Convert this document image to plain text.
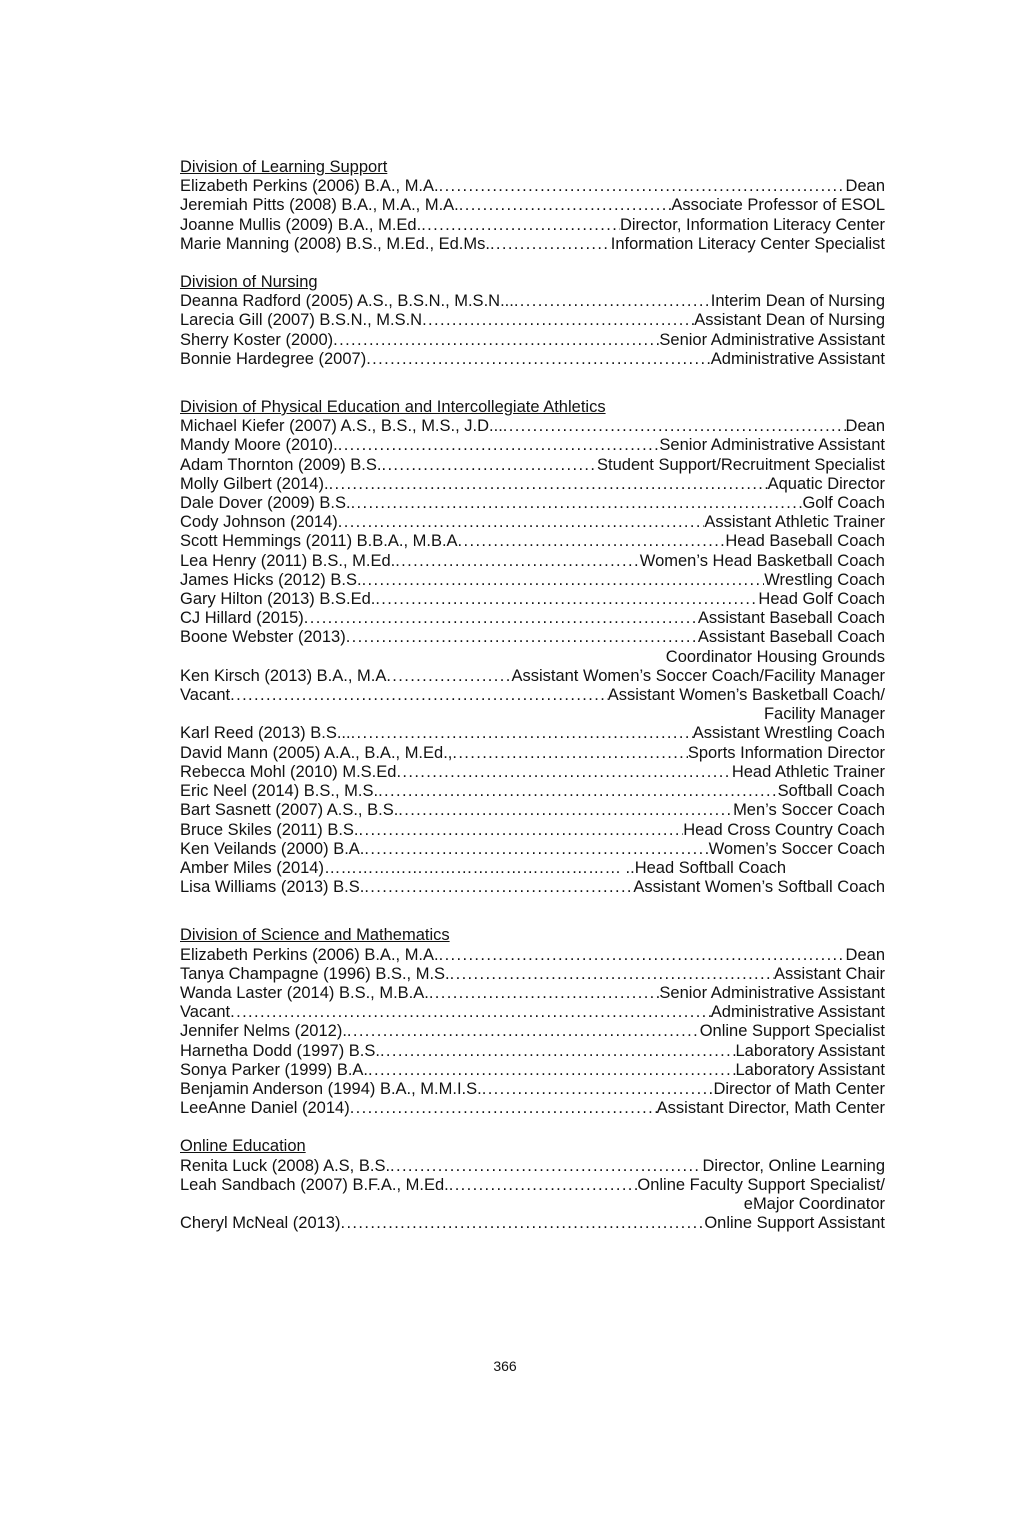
Division of Learning Support
Elizabeth Perkins (2006) B.A., M.A. . . .	Dean
Jeremiah Pitts (2008) B.A., M.A., M.A. . . .	Associate Professor of ESOL
Joanne Mullis (2009) B.A., M.Ed. . . .	Director, Information Literacy Center
Marie Manning (2008) B.S., M.Ed., Ed.Ms. . . .	Information Literacy Center Specialist
Division of Nursing
Deanna Radford (2005) A.S., B.S.N., M.S.N... . . .	Interim Dean of Nursing
Larecia Gill (2007) B.S.N., M.S.N . . .	Assistant Dean of Nursing
Sherry Koster (2000) . . .	Senior Administrative Assistant
Bonnie Hardegree (2007) . . .	Administrative Assistant
Division of Physical Education and Intercollegiate Athletics
Michael Kiefer (2007) A.S., B.S., M.S., J.D... . . .	Dean
Mandy Moore (2010). . . .	Senior Administrative Assistant
Adam Thornton (2009) B.S. . . .	Student Support/Recruitment Specialist
Molly Gilbert (2014). . . .	Aquatic Director
Dale Dover (2009) B.S. . . .	Golf Coach
Cody Johnson (2014) . . .	Assistant Athletic Trainer
Scott Hemmings (2011) B.B.A., M.B.A . . .	Head Baseball Coach
Lea Henry (2011) B.S., M.Ed. . . .	Women’s Head Basketball Coach
James Hicks (2012) B.S. . . .	Wrestling Coach
Gary Hilton (2013) B.S.Ed. . . .	Head Golf Coach
CJ Hillard (2015) . . .	Assistant Baseball Coach
Boone Webster (2013) . . .	Assistant Baseball Coach
Coordinator Housing Grounds
Ken Kirsch (2013) B.A., M.A . . .	Assistant Women’s Soccer Coach/Facility Manager
Vacant . . .	Assistant Women’s Basketball Coach/
Facility Manager
Karl Reed (2013) B.S... . . .	Assistant Wrestling Coach
David Mann (2005) A.A., B.A., M.Ed., . . .	Sports Information Director
Rebecca Mohl (2010) M.S.Ed . . .	Head Athletic Trainer
Eric Neel (2014) B.S., M.S. . . .	Softball Coach
Bart Sasnett (2007) A.S., B.S. . . .	Men’s Soccer Coach
Bruce Skiles (2011) B.S. . . .	Head Cross Country Coach
Ken Veilands (2000) B.A. . . .	Women’s Soccer Coach
Amber Miles (2014)……………………………………………… .. Head Softball Coach
Lisa Williams (2013) B.S. . . .	Assistant Women’s Softball Coach
Division of Science and Mathematics
Elizabeth Perkins (2006) B.A., M.A. . . .	Dean
Tanya Champagne (1996) B.S., M.S. . . .	Assistant Chair
Wanda Laster (2014) B.S., M.B.A. . . .	Senior Administrative Assistant
Vacant . . .	Administrative Assistant
Jennifer Nelms (2012). . . .	Online Support Specialist
Harnetha Dodd (1997) B.S. . . .	Laboratory Assistant
Sonya Parker (1999) B.A. . . .	Laboratory Assistant
Benjamin Anderson (1994) B.A., M.M.I.S. . . .	Director of Math Center
LeeAnne Daniel (2014) . . .	Assistant Director, Math Center
Online Education
Renita Luck (2008) A.S, B.S. . . .	Director, Online Learning
Leah Sandbach (2007) B.F.A., M.Ed. . . .	Online Faculty Support Specialist/
eMajor Coordinator
Cheryl McNeal (2013) . . .	Online Support Assistant
366
